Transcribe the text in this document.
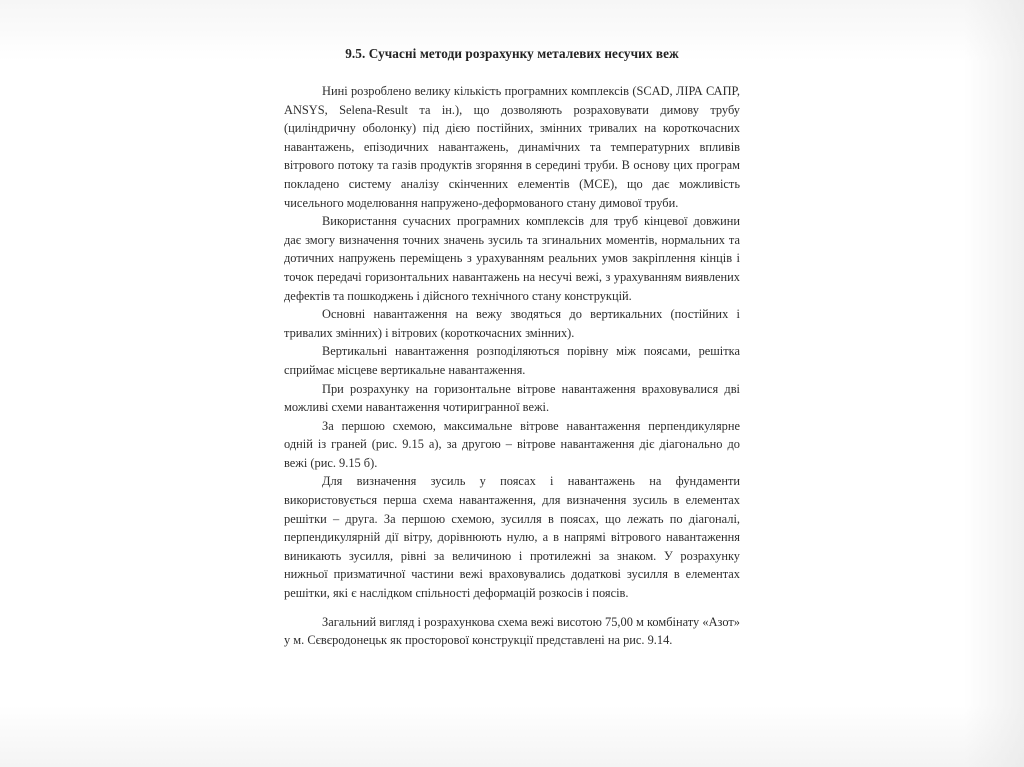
9.5. Сучасні методи розрахунку металевих несучих веж

Нині розроблено велику кількість програмних комплексів (SCAD, ЛІРА САПР, ANSYS, Selena-Result та ін.), що дозволяють розраховувати димову трубу (циліндричну оболонку) під дією постійних, змінних тривалих на короткочасних навантажень, епізодичних навантажень, динамічних та температурних впливів вітрового потоку та газів продуктів згоряння в середині труби. В основу цих програм покладено систему аналізу скінченних елементів (МСЕ), що дає можливість чисельного моделювання напружено-деформованого стану димової труби.

Використання сучасних програмних комплексів для труб кінцевої довжини дає змогу визначення точних значень зусиль та згинальних моментів, нормальних та дотичних напружень переміщень з урахуванням реальних умов закріплення кінців і точок передачі горизонтальних навантажень на несучі вежі, з урахуванням виявлених дефектів та пошкоджень і дійсного технічного стану конструкцій.

Основні навантаження на вежу зводяться до вертикальних (постійних і тривалих змінних) і вітрових (короткочасних змінних).

Вертикальні навантаження розподіляються порівну між поясами, решітка сприймає місцеве вертикальне навантаження.

При розрахунку на горизонтальне вітрове навантаження враховувалися дві можливі схеми навантаження чотиригранної вежі.

За першою схемою, максимальне вітрове навантаження перпендикулярне одній із граней (рис. 9.15 а), за другою – вітрове навантаження діє діагонально до вежі (рис. 9.15 б).

Для визначення зусиль у поясах і навантажень на фундаменти використовується перша схема навантаження, для визначення зусиль в елементах решітки – друга. За першою схемою, зусилля в поясах, що лежать по діагоналі, перпендикулярній дії вітру, дорівнюють нулю, а в напрямі вітрового навантаження виникають зусилля, рівні за величиною і протилежні за знаком. У розрахунку нижньої призматичної частини вежі враховувались додаткові зусилля в елементах решітки, які є наслідком спільності деформацій розкосів і поясів.

Загальний вигляд і розрахункова схема вежі висотою 75,00 м комбінату «Азот» у м. Сєвєродонецьк як просторової конструкції представлені на рис. 9.14.
